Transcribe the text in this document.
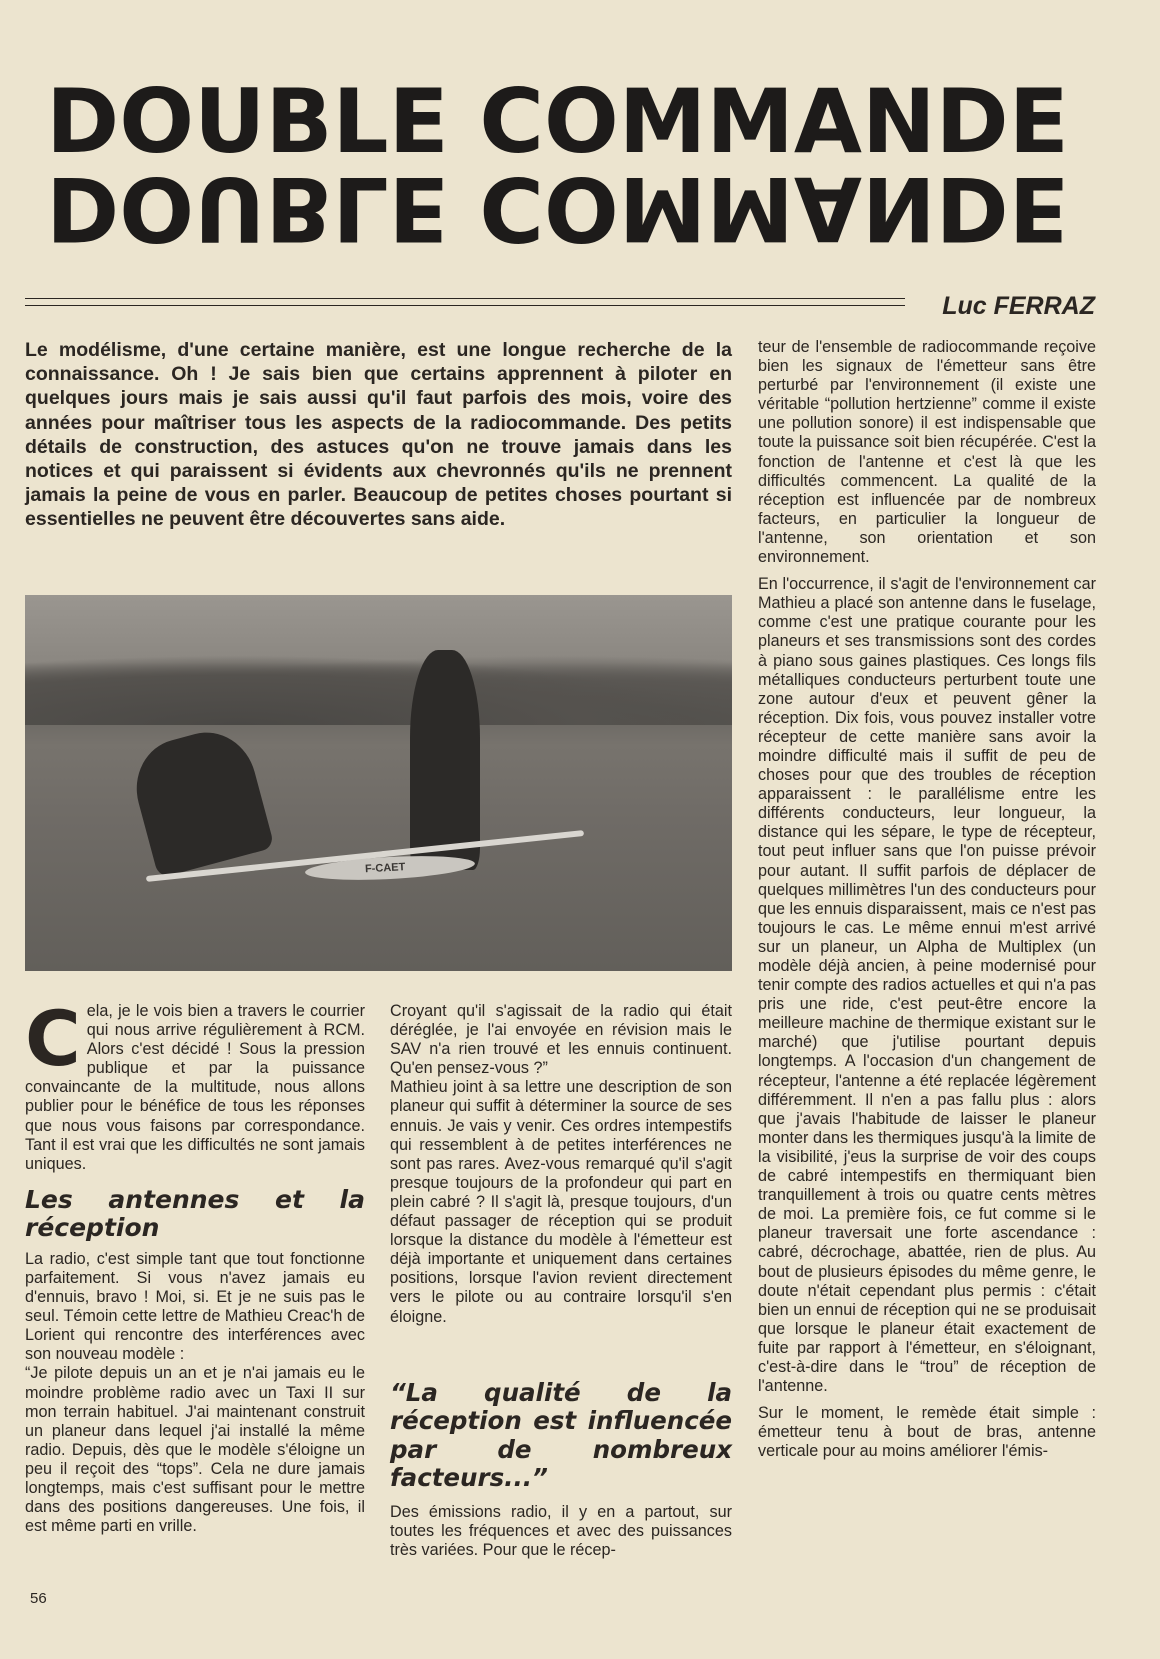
DOUBLE COMMANDE
DOUBLE COMMANDE
Luc FERRAZ

Le modélisme, d'une certaine manière, est une longue recherche de la connaissance. Oh ! Je sais bien que certains apprennent à piloter en quelques jours mais je sais aussi qu'il faut parfois des mois, voire des années pour maîtriser tous les aspects de la radiocommande. Des petits détails de construction, des astuces qu'on ne trouve jamais dans les notices et qui paraissent si évidents aux chevronnés qu'ils ne prennent jamais la peine de vous en parler. Beaucoup de petites choses pourtant si essentielles ne peuvent être découvertes sans aide.

F-CAET
C ela, je le vois bien a travers le courrier qui nous arrive régulièrement à RCM. Alors c'est décidé ! Sous la pression publique et par la puissance convaincante de la multitude, nous allons publier pour le bénéfice de tous les réponses que nous vous faisons par correspondance. Tant il est vrai que les difficultés ne sont jamais uniques.

Les antennes et la réception

La radio, c'est simple tant que tout fonctionne parfaitement. Si vous n'avez jamais eu d'ennuis, bravo ! Moi, si. Et je ne suis pas le seul. Témoin cette lettre de Mathieu Creac'h de Lorient qui rencontre des interférences avec son nouveau modèle :

“Je pilote depuis un an et je n'ai jamais eu le moindre problème radio avec un Taxi II sur mon terrain habituel. J'ai maintenant construit un planeur dans lequel j'ai installé la même radio. Depuis, dès que le modèle s'éloigne un peu il reçoit des “tops”. Cela ne dure jamais longtemps, mais c'est suffisant pour le mettre dans des positions dangereuses. Une fois, il est même parti en vrille.

Croyant qu'il s'agissait de la radio qui était déréglée, je l'ai envoyée en révision mais le SAV n'a rien trouvé et les ennuis continuent. Qu'en pensez-vous ?”

Mathieu joint à sa lettre une description de son planeur qui suffit à déterminer la source de ses ennuis. Je vais y venir. Ces ordres intempestifs qui ressemblent à de petites interférences ne sont pas rares. Avez-vous remarqué qu'il s'agit presque toujours de la profondeur qui part en plein cabré ? Il s'agit là, presque toujours, d'un défaut passager de réception qui se produit lorsque la distance du modèle à l'émetteur est déjà importante et uniquement dans certaines positions, lorsque l'avion revient directement vers le pilote ou au contraire lorsqu'il s'en éloigne.

“La qualité de la réception est influencée par de nombreux facteurs...”

Des émissions radio, il y en a partout, sur toutes les fréquences et avec des puissances très variées. Pour que le récep-

teur de l'ensemble de radiocommande reçoive bien les signaux de l'émetteur sans être perturbé par l'environnement (il existe une véritable “pollution hertzienne” comme il existe une pollution sonore) il est indispensable que toute la puissance soit bien récupérée. C'est la fonction de l'antenne et c'est là que les difficultés commencent. La qualité de la réception est influencée par de nombreux facteurs, en particulier la longueur de l'antenne, son orientation et son environnement.

En l'occurrence, il s'agit de l'environnement car Mathieu a placé son antenne dans le fuselage, comme c'est une pratique courante pour les planeurs et ses transmissions sont des cordes à piano sous gaines plastiques. Ces longs fils métalliques conducteurs perturbent toute une zone autour d'eux et peuvent gêner la réception. Dix fois, vous pouvez installer votre récepteur de cette manière sans avoir la moindre difficulté mais il suffit de peu de choses pour que des troubles de réception apparaissent : le parallélisme entre les différents conducteurs, leur longueur, la distance qui les sépare, le type de récepteur, tout peut influer sans que l'on puisse prévoir pour autant. Il suffit parfois de déplacer de quelques millimètres l'un des conducteurs pour que les ennuis disparaissent, mais ce n'est pas toujours le cas. Le même ennui m'est arrivé sur un planeur, un Alpha de Multiplex (un modèle déjà ancien, à peine modernisé pour tenir compte des radios actuelles et qui n'a pas pris une ride, c'est peut-être encore la meilleure machine de thermique existant sur le marché) que j'utilise pourtant depuis longtemps. A l'occasion d'un changement de récepteur, l'antenne a été replacée légèrement différemment. Il n'en a pas fallu plus : alors que j'avais l'habitude de laisser le planeur monter dans les thermiques jusqu'à la limite de la visibilité, j'eus la surprise de voir des coups de cabré intempestifs en thermiquant bien tranquillement à trois ou quatre cents mètres de moi. La première fois, ce fut comme si le planeur traversait une forte ascendance : cabré, décrochage, abattée, rien de plus. Au bout de plusieurs épisodes du même genre, le doute n'était cependant plus permis : c'était bien un ennui de réception qui ne se produisait que lorsque le planeur était exactement de fuite par rapport à l'émetteur, en s'éloignant, c'est-à-dire dans le “trou” de réception de l'antenne.

Sur le moment, le remède était simple : émetteur tenu à bout de bras, antenne verticale pour au moins améliorer l'émis-

56
